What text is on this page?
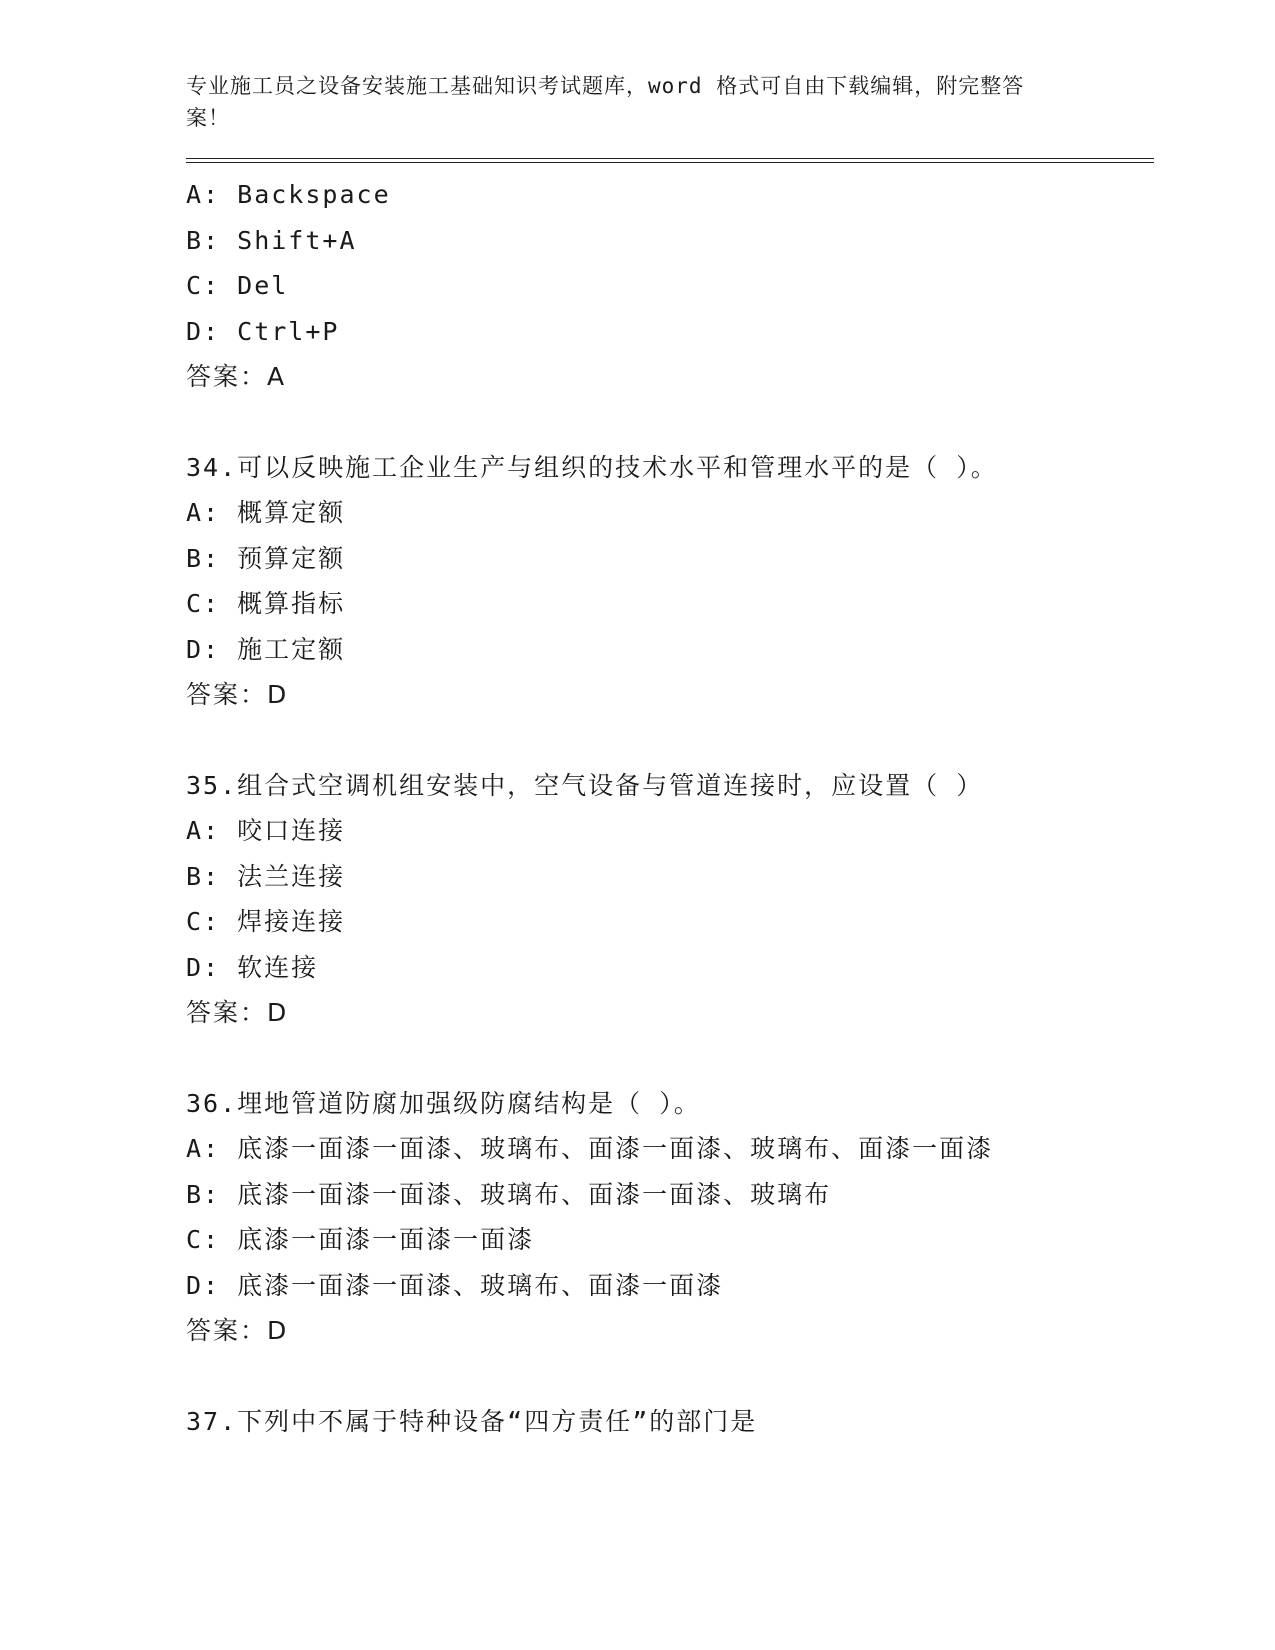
专业施工员之设备安装施工基础知识考试题库，word 格式可自由下载编辑，附完整答案！
A: Backspace
B: Shift+A
C: Del
D: Ctrl+P
答案：A
34.可以反映施工企业生产与组织的技术水平和管理水平的是（ ）。
A: 概算定额
B: 预算定额
C: 概算指标
D: 施工定额
答案：D
35.组合式空调机组安装中，空气设备与管道连接时，应设置（ ）
A: 咬口连接
B: 法兰连接
C: 焊接连接
D: 软连接
答案：D
36.埋地管道防腐加强级防腐结构是（ ）。
A: 底漆一面漆一面漆、玻璃布、面漆一面漆、玻璃布、面漆一面漆
B: 底漆一面漆一面漆、玻璃布、面漆一面漆、玻璃布
C: 底漆一面漆一面漆一面漆
D: 底漆一面漆一面漆、玻璃布、面漆一面漆
答案：D
37.下列中不属于特种设备“四方责任”的部门是
